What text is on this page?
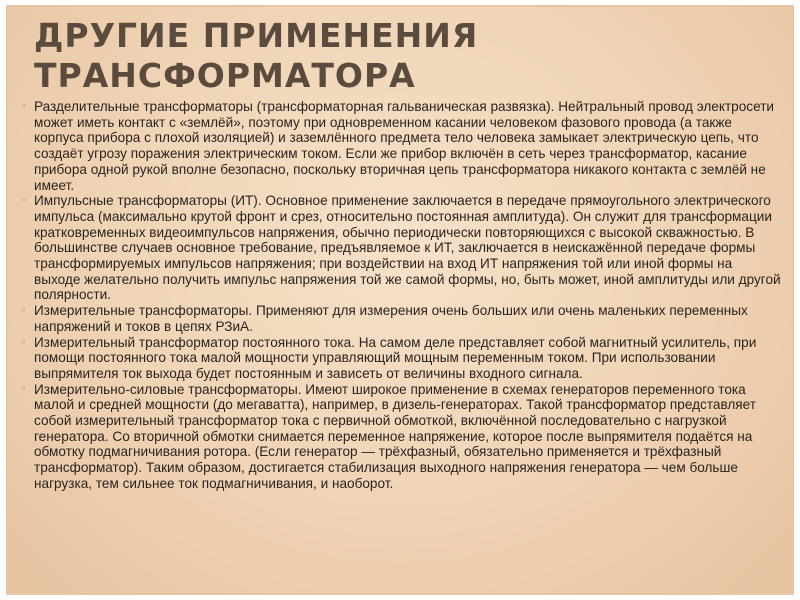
ДРУГИЕ ПРИМЕНЕНИЯ
ТРАНСФОРМАТОРА
▫ Разделительные трансформаторы (трансформаторная гальваническая развязка). Нейтральный провод электросети может иметь контакт с «землёй», поэтому при одновременном касании человеком фазового провода (а также корпуса прибора с плохой изоляцией) и заземлённого предмета тело человека замыкает электрическую цепь, что создаёт угрозу поражения электрическим током. Если же прибор включён в сеть через трансформатор, касание прибора одной рукой вполне безопасно, поскольку вторичная цепь трансформатора никакого контакта с землёй не имеет.
▫ Импульсные трансформаторы (ИТ). Основное применение заключается в передаче прямоугольного электрического импульса (максимально крутой фронт и срез, относительно постоянная амплитуда). Он служит для трансформации кратковременных видеоимпульсов напряжения, обычно периодически повторяющихся с высокой скважностью. В большинстве случаев основное требование, предъявляемое к ИТ, заключается в неискажённой передаче формы трансформируемых импульсов напряжения; при воздействии на вход ИТ напряжения той или иной формы на выходе желательно получить импульс напряжения той же самой формы, но, быть может, иной амплитуды или другой полярности.
▫ Измерительные трансформаторы. Применяют для измерения очень больших или очень маленьких переменных напряжений и токов в цепях РЗиА.
▫ Измерительный трансформатор постоянного тока. На самом деле представляет собой магнитный усилитель, при помощи постоянного тока малой мощности управляющий мощным переменным током. При использовании выпрямителя ток выхода будет постоянным и зависеть от величины входного сигнала.
▫ Измерительно-силовые трансформаторы. Имеют широкое применение в схемах генераторов переменного тока малой и средней мощности (до мегаватта), например, в дизель-генераторах. Такой трансформатор представляет собой измерительный трансформатор тока с первичной обмоткой, включённой последовательно с нагрузкой генератора. Со вторичной обмотки снимается переменное напряжение, которое после выпрямителя подаётся на обмотку подмагничивания ротора. (Если генератор — трёхфазный, обязательно применяется и трёхфазный трансформатор). Таким образом, достигается стабилизация выходного напряжения генератора — чем больше нагрузка, тем сильнее ток подмагничивания, и наоборот.
